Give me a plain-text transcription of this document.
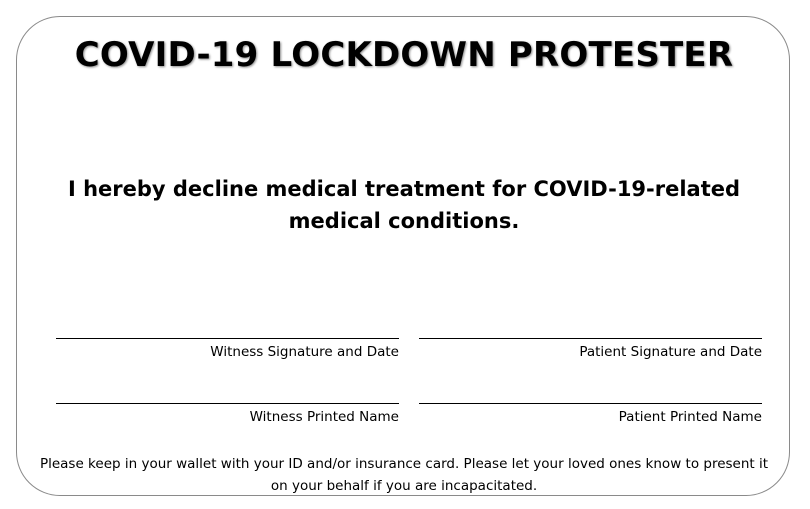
COVID-19 LOCKDOWN PROTESTER
I hereby decline medical treatment for COVID-19-related medical conditions.
Witness Signature and Date	Patient Signature and Date
Witness Printed Name	Patient Printed Name
Please keep in your wallet with your ID and/or insurance card. Please let your loved ones know to present it on your behalf if you are incapacitated.
